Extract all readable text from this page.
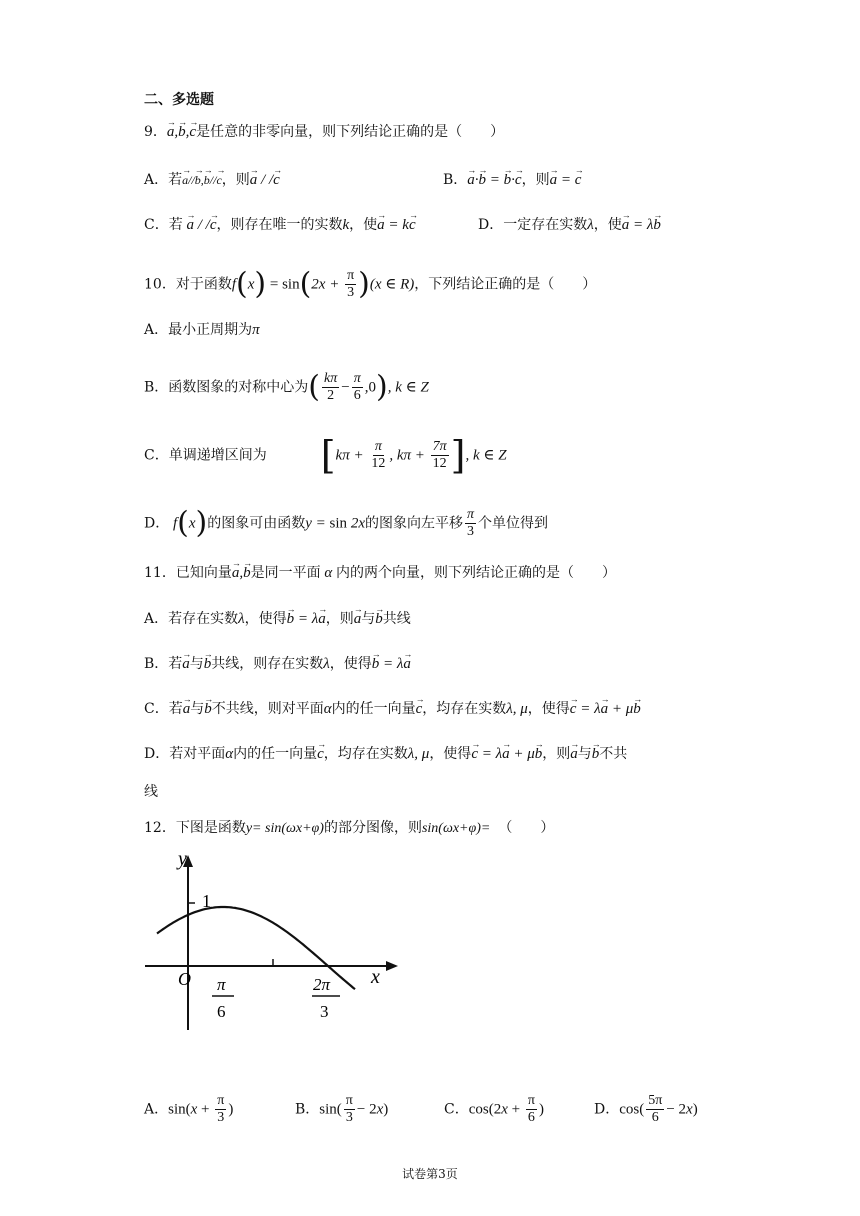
二、多选题
9．→ a,→ b,→ c是任意的非零向量，则下列结论正确的是（　　）
A．若→ a//→ b,→ b//→ c，则→ a / /→ c	B．→ a·→ b = → b·→ c，则→ a = → c
C．若 → a / /→ c，则存在唯一的实数k，使→ a = k→ c	D．一定存在实数λ，使→ a = λ→ b
10．对于函数$f(x) = \sin(2x + \frac{\pi}{3} )(x$ ∈ R)，下列结论正确的是（　　）
A．最小正周期为π
B．函数图象的对称中心为( $\frac{k\pi}{2} - \frac{\pi}{6} ,0$), k ∈ Z
C．单调递增区间为 [$k\pi + \frac{\pi}{12}$ , $k\pi + \frac{7\pi}{12}$ ], k ∈ Z
D． f(x)的图象可由函数y = sin 2x的图象向左平移 $\frac{\pi}{3}$ 个单位得到
11．已知向量→ a,→ b是同一平面 α 内的两个向量，则下列结论正确的是（　　）
A．若存在实数λ，使得→ b = λ→ a，则→ a与→ b共线
B．若→ a与→ b共线，则存在实数λ，使得→ b = λ→ a
C．若→ a与→ b不共线，则对平面α内的任一向量→ c，均存在实数λ, μ，使得→ c = λ→ a + μ→ b
D．若对平面α内的任一向量→ c，均存在实数λ, μ，使得→ c = λ→ a + μ→ b，则→ a与→ b不共
线
12．下图是函数y= sin(ωx+φ)的部分图像，则sin(ωx+φ)= （　　）
y
x
O
1
π
6
2π
3
A．$\sin(x + \frac{\pi}{3}$ )	B．$\sin( \frac{\pi}{3} - 2x)$	C．$\cos(2x + \frac{\pi}{6}$ )	D．$\cos( \frac{5\pi}{6} - 2x)$
试卷第3页
